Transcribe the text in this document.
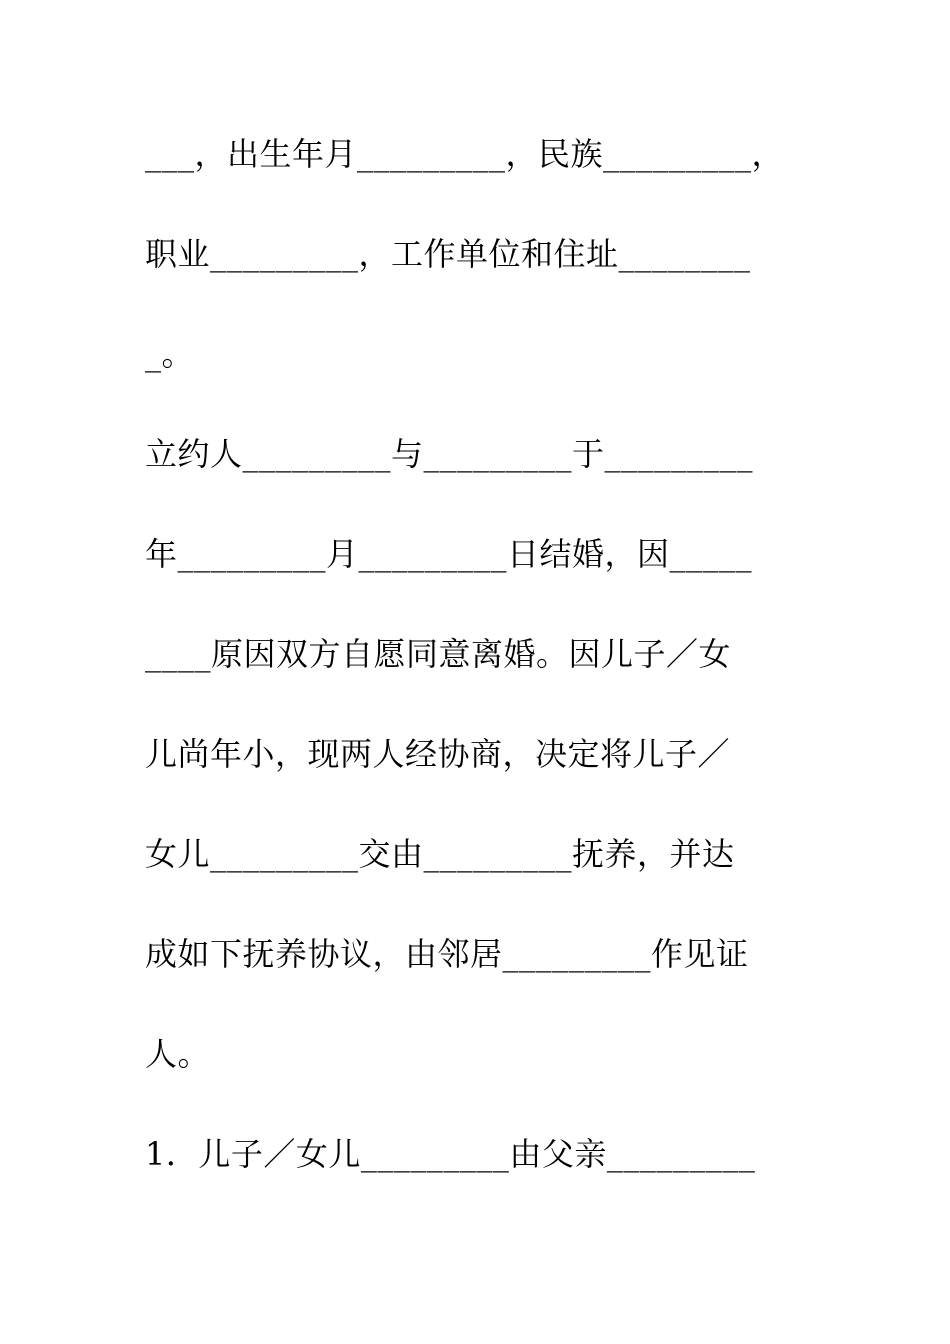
___，出生年月_________，民族_________，
职业_________，工作单位和住址________
_。
立约人_________与_________于_________
年_________月_________日结婚，因_____
____原因双方自愿同意离婚。因儿子／女
儿尚年小，现两人经协商，决定将儿子／
女儿_________交由_________抚养，并达
成如下抚养协议，由邻居_________作见证
人。
1．儿子／女儿_________由父亲_________
